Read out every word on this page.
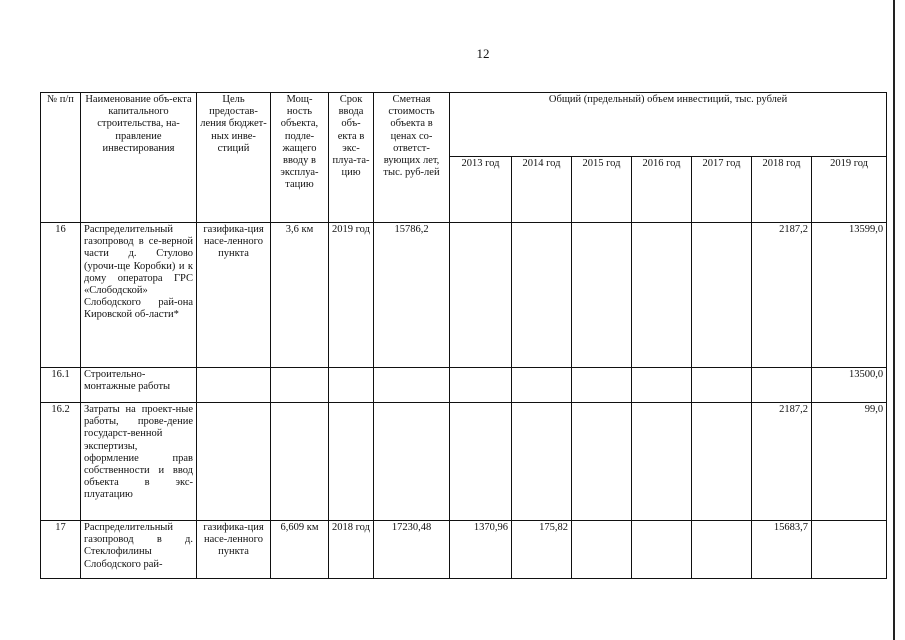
12
№ п/п	Наименование объ-екта капитального строительства, на-правление инвестирования	Цель предостав-ления бюджет-ных инве-стиций	Мощ-ность объекта, подле-жащего вводу в эксплуа-тацию	Срок ввода объ-екта в экс-плуа-та-цию	Сметная стоимость объекта в ценах со-ответст-вующих лет, тыс. руб-лей	Общий (предельный) объем инвестиций, тыс. рублей						
						2013 год	2014 год	2015 год	2016 год	2017 год	2018 год	2019 год
16	Распределительный газопровод в се-верной части д. Стулово (урочи-ще Коробки) и к дому оператора ГРС «Слободской» Слободского рай-она Кировской об-ласти*	газифика-ция насе-ленного пункта	3,6 км	2019 год	15786,2						2187,2	13599,0
16.1	Строительно-монтажные работы											13500,0
16.2	Затраты на проект-ные работы, прове-дение государст-венной экспертизы, оформление прав собственности и ввод объекта в экс-плуатацию										2187,2	99,0
17	Распределительный газопровод в д. Стеклофилины Слободского рай-	газифика-ция насе-ленного пункта	6,609 км	2018 год	17230,48	1370,96	175,82				15683,7	
